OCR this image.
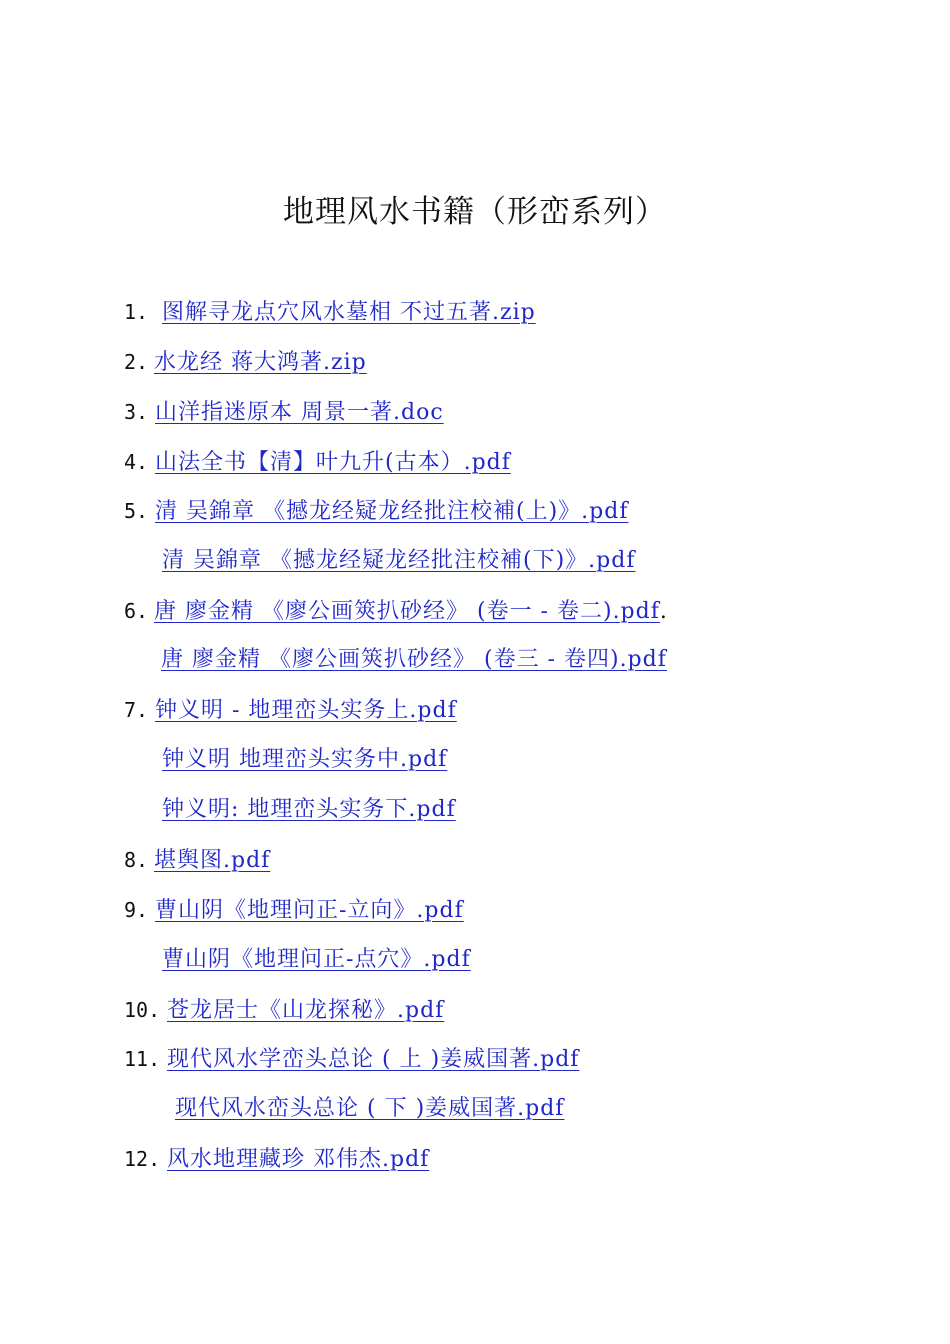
地理风水书籍（形峦系列）
1. 图解寻龙点穴风水墓相 不过五著.zip
2. 水龙经 蒋大鸿著.zip
3. 山洋指迷原本 周景一著.doc
4. 山法全书【清】叶九升(古本）.pdf
5. 清 吴錦章 《撼龙经疑龙经批注校補(上)》.pdf
清 吴錦章 《撼龙经疑龙经批注校補(下)》.pdf
6. 唐 廖金精 《廖公画筴扒砂经》 (卷一 - 卷二).pdf.
唐 廖金精 《廖公画筴扒砂经》 (卷三 - 卷四).pdf
7. 钟义明 - 地理峦头实务上.pdf
钟义明 地理峦头实务中.pdf
钟义明: 地理峦头实务下.pdf
8. 堪舆图.pdf
9. 曹山阴《地理问正-立向》.pdf
曹山阴《地理问正-点穴》.pdf
10. 苍龙居士《山龙探秘》.pdf
11. 现代风水学峦头总论 ( 上 )姜威国著.pdf
现代风水峦头总论 ( 下 )姜威国著.pdf
12. 风水地理藏珍 邓伟杰.pdf
